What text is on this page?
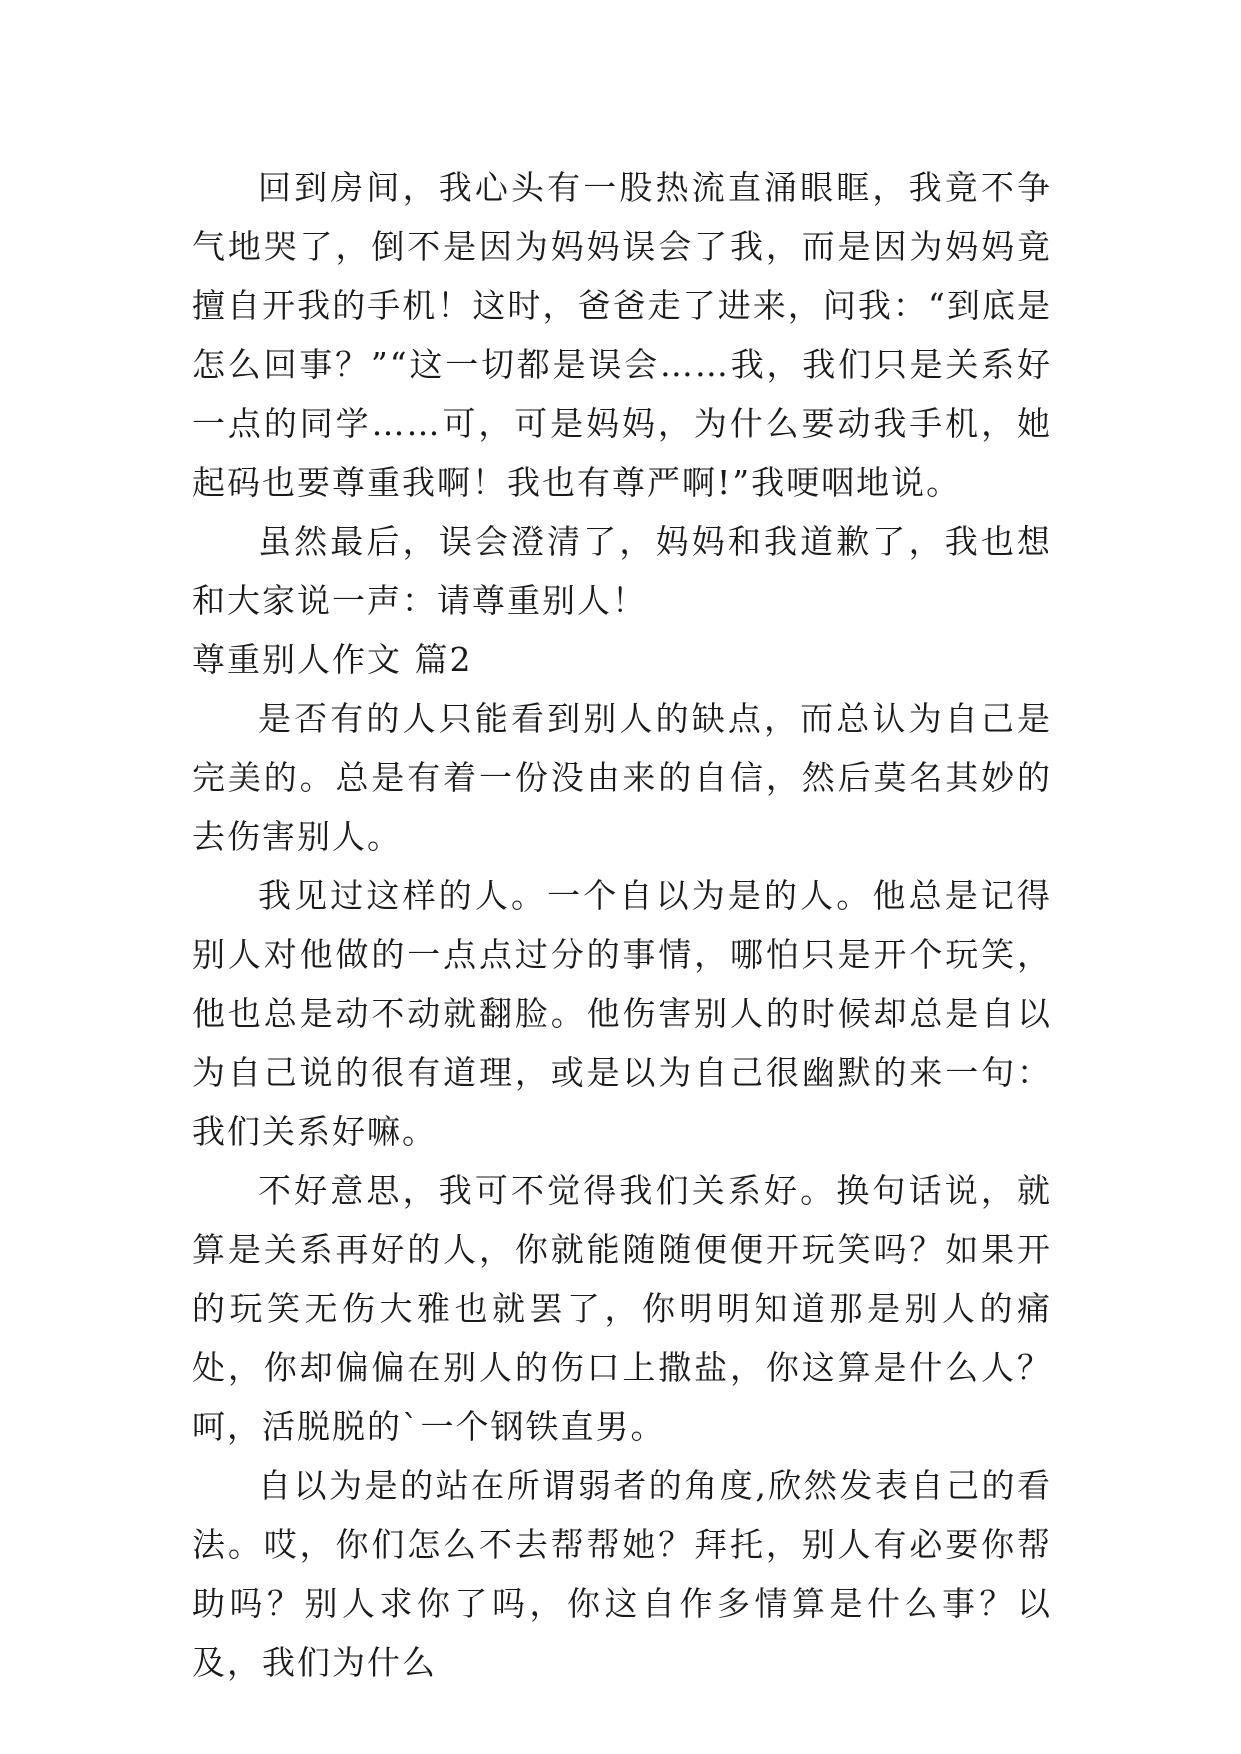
回到房间，我心头有一股热流直涌眼眶，我竟不争气地哭了，倒不是因为妈妈误会了我，而是因为妈妈竟擅自开我的手机！这时，爸爸走了进来，问我：“到底是怎么回事？”“这一切都是误会……我，我们只是关系好一点的同学……可，可是妈妈，为什么要动我手机，她起码也要尊重我啊！我也有尊严啊!”我哽咽地说。

虽然最后，误会澄清了，妈妈和我道歉了，我也想和大家说一声：请尊重别人！

尊重别人作文 篇2

是否有的人只能看到别人的缺点，而总认为自己是完美的。总是有着一份没由来的自信，然后莫名其妙的去伤害别人。

我见过这样的人。一个自以为是的人。他总是记得别人对他做的一点点过分的事情，哪怕只是开个玩笑，他也总是动不动就翻脸。他伤害别人的时候却总是自以为自己说的很有道理，或是以为自己很幽默的来一句：我们关系好嘛。

不好意思，我可不觉得我们关系好。换句话说，就算是关系再好的人，你就能随随便便开玩笑吗？如果开的玩笑无伤大雅也就罢了，你明明知道那是别人的痛处，你却偏偏在别人的伤口上撒盐，你这算是什么人？呵，活脱脱的`一个钢铁直男。

自以为是的站在所谓弱者的角度,欣然发表自己的看法。哎，你们怎么不去帮帮她？拜托，别人有必要你帮助吗？别人求你了吗，你这自作多情算是什么事？以及，我们为什么
